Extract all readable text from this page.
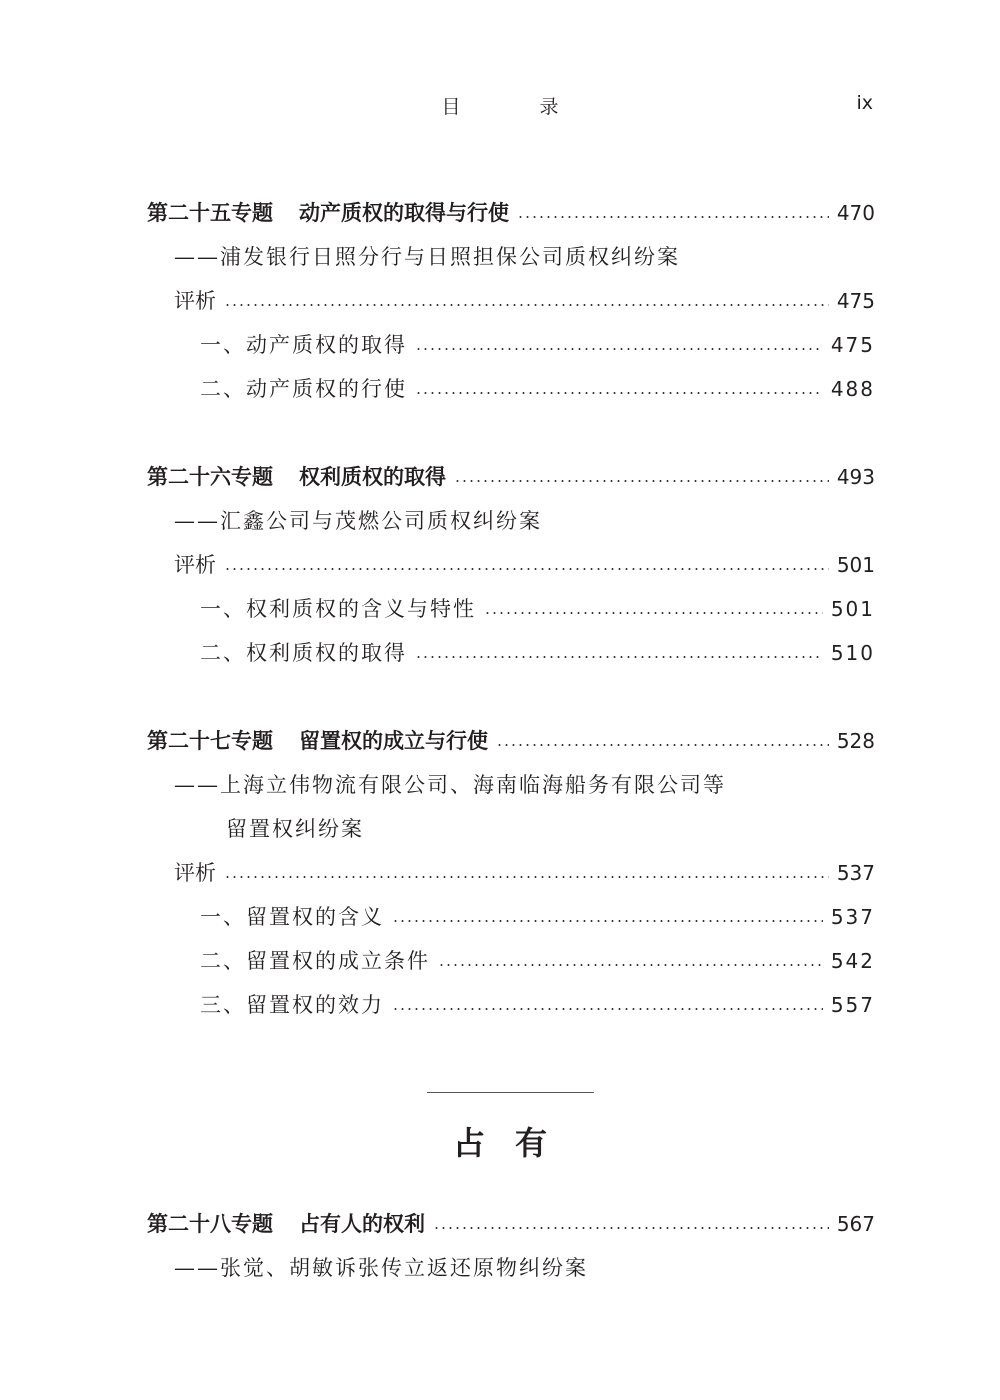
目　录	ix
第二十五专题 动产质权的取得与行使	470
——浦发银行日照分行与日照担保公司质权纠纷案
评析	475
一、动产质权的取得	475
二、动产质权的行使	488
第二十六专题 权利质权的取得	493
——汇鑫公司与茂燃公司质权纠纷案
评析	501
一、权利质权的含义与特性	501
二、权利质权的取得	510
第二十七专题 留置权的成立与行使	528
——上海立伟物流有限公司、海南临海船务有限公司等
留置权纠纷案
评析	537
一、留置权的含义	537
二、留置权的成立条件	542
三、留置权的效力	557
占有
第二十八专题 占有人的权利	567
——张觉、胡敏诉张传立返还原物纠纷案
